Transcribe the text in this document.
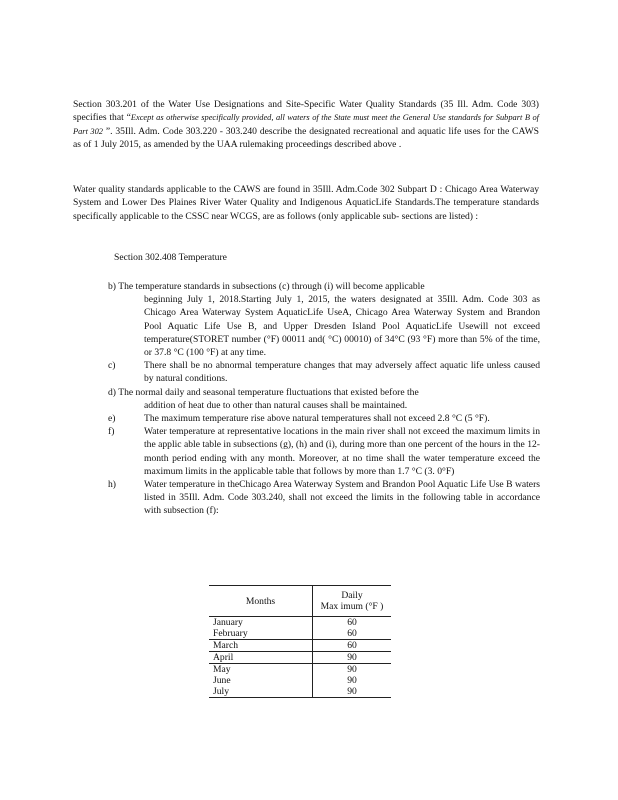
Section 303.201 of the Water Use Designations and Site-Specific Water Quality Standards (35 Ill. Adm. Code 303) specifies that “Except as otherwise specifically provided, all waters of the State must meet the General Use standards for Subpart B of Part 302 ”. 35Ill. Adm. Code 303.220 - 303.240 describe the designated recreational and aquatic life uses for the CAWS as of 1 July 2015, as amended by the UAA rulemaking proceedings described above .
Water quality standards applicable to the CAWS are found in 35Ill. Adm.Code 302 Subpart D : Chicago Area Waterway System and Lower Des Plaines River Water Quality and Indigenous AquaticLife Standards.The temperature standards specifically applicable to the CSSC near WCGS, are as follows (only applicable sub- sections are listed) :
Section 302.408 Temperature
b) The temperature standards in subsections (c) through (i) will become applicable
beginning July 1, 2018.Starting July 1, 2015, the waters designated at 35Ill. Adm. Code 303 as Chicago Area Waterway System AquaticLife UseA, Chicago Area Waterway System and Brandon Pool Aquatic Life Use B, and Upper Dresden Island Pool AquaticLife Usewill not exceed temperature(STORET number (°F) 00011 and( °C) 00010) of 34°C (93 °F) more than 5% of the time, or 37.8 °C (100 °F) at any time.
c)	There shall be no abnormal temperature changes that may adversely affect aquatic life unless caused by natural conditions.
d) The normal daily and seasonal temperature fluctuations that existed before the
addition of heat due to other than natural causes shall be maintained.
e)	The maximum temperature rise above natural temperatures shall not exceed 2.8 °C (5 °F).
f)	Water temperature at representative locations in the main river shall not exceed the maximum limits in the applic able table in subsections (g), (h) and (i), during more than one percent of the hours in the 12-month period ending with any month. Moreover, at no time shall the water temperature exceed the maximum limits in the applicable table that follows by more than 1.7 °C (3. 0°F)
h)	Water temperature in theChicago Area Waterway System and Brandon Pool Aquatic Life Use B waters listed in 35Ill. Adm. Code 303.240, shall not exceed the limits in the following table in accordance with subsection (f):
Months	Daily
Max imum (°F )

January	60
February	60
March	60
April	90
May	90
June	90
July	90
